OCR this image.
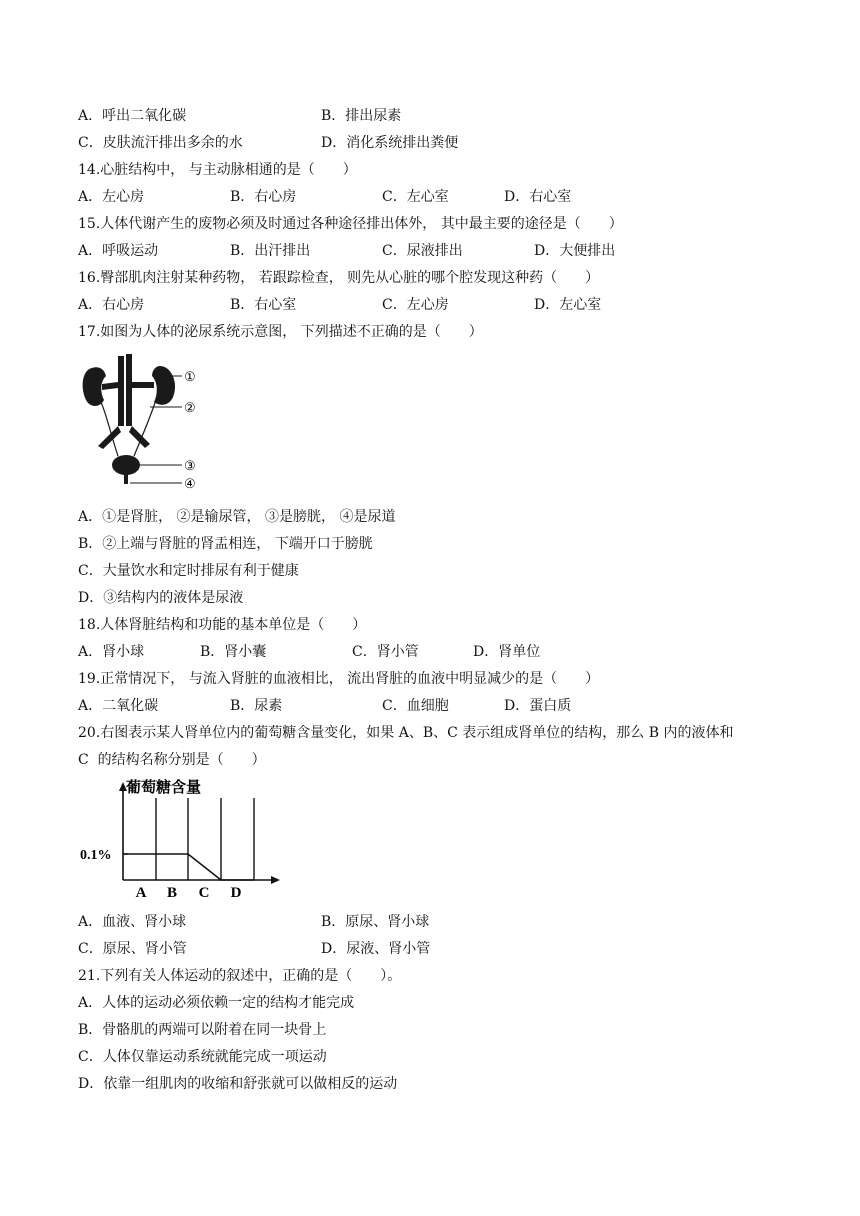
A．呼出二氧化碳	B．排出尿素
C．皮肤流汗排出多余的水	D．消化系统排出粪便
14.心脏结构中， 与主动脉相通的是（　　）
A．左心房	B．右心房	C．左心室	D．右心室
15.人体代谢产生的废物必须及时通过各种途径排出体外， 其中最主要的途径是（　　）
A．呼吸运动	B．出汗排出	C．尿液排出	D．大便排出
16.臀部肌肉注射某种药物， 若跟踪检查， 则先从心脏的哪个腔发现这种药（　　）
A．右心房	B．右心室	C．左心房	D．左心室
17.如图为人体的泌尿系统示意图， 下列描述不正确的是（　　）
①
②
③
④
A．①是肾脏， ②是输尿管， ③是膀胱， ④是尿道
B．②上端与肾脏的肾盂相连， 下端开口于膀胱
C．大量饮水和定时排尿有利于健康
D．③结构内的液体是尿液
18.人体肾脏结构和功能的基本单位是（　　）
A．肾小球	B．肾小囊	C．肾小管	D．肾单位
19.正常情况下， 与流入肾脏的血液相比， 流出肾脏的血液中明显减少的是（　　）
A．二氧化碳	B．尿素	C．血细胞	D．蛋白质
20.右图表示某人肾单位内的葡萄糖含量变化，如果 A、B、C 表示组成肾单位的结构，那么 B 内的液体和
C  的结构名称分别是（　　）
葡萄糖含量
0.1%
A B C D
A．血液、肾小球	B．原尿、肾小球
C．原尿、肾小管	D．尿液、肾小管
21.下列有关人体运动的叙述中，正确的是（　　）。
A．人体的运动必须依赖一定的结构才能完成
B．骨骼肌的两端可以附着在同一块骨上
C．人体仅靠运动系统就能完成一项运动
D．依靠一组肌肉的收缩和舒张就可以做相反的运动
